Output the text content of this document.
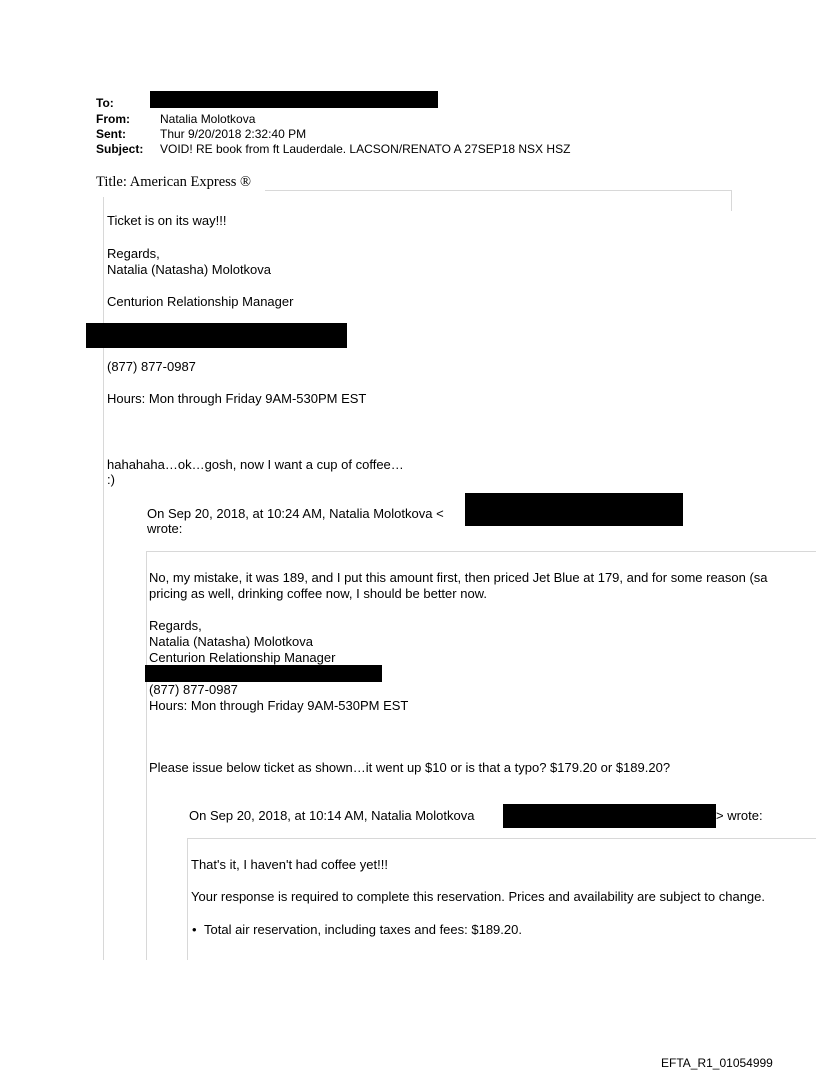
To:
From:	Natalia Molotkova
Sent:	Thur 9/20/2018 2:32:40 PM
Subject: VOID! RE book from ft Lauderdale. LACSON/RENATO A 27SEP18 NSX HSZ
Title: American Express ®
Ticket is on its way!!!
Regards,
Natalia (Natasha) Molotkova
Centurion Relationship Manager
(877) 877-0987
Hours: Mon through Friday 9AM-530PM EST
hahahaha…ok…gosh, now I want a cup of coffee…
:)
On Sep 20, 2018, at 10:24 AM, Natalia Molotkova <
wrote:
No, my mistake, it was 189, and I put this amount first, then priced Jet Blue at 179, and for some reason (sa
pricing as well, drinking coffee now, I should be better now.
Regards,
Natalia (Natasha) Molotkova
Centurion Relationship Manager
(877) 877-0987
Hours: Mon through Friday 9AM-530PM EST
Please issue below ticket as shown…it went up $10 or is that a typo? $179.20 or $189.20?
On Sep 20, 2018, at 10:14 AM, Natalia Molotkova	> wrote:
That's it, I haven't had coffee yet!!!
Your response is required to complete this reservation. Prices and availability are subject to change.
• Total air reservation, including taxes and fees: $189.20.
EFTA_R1_01054999
